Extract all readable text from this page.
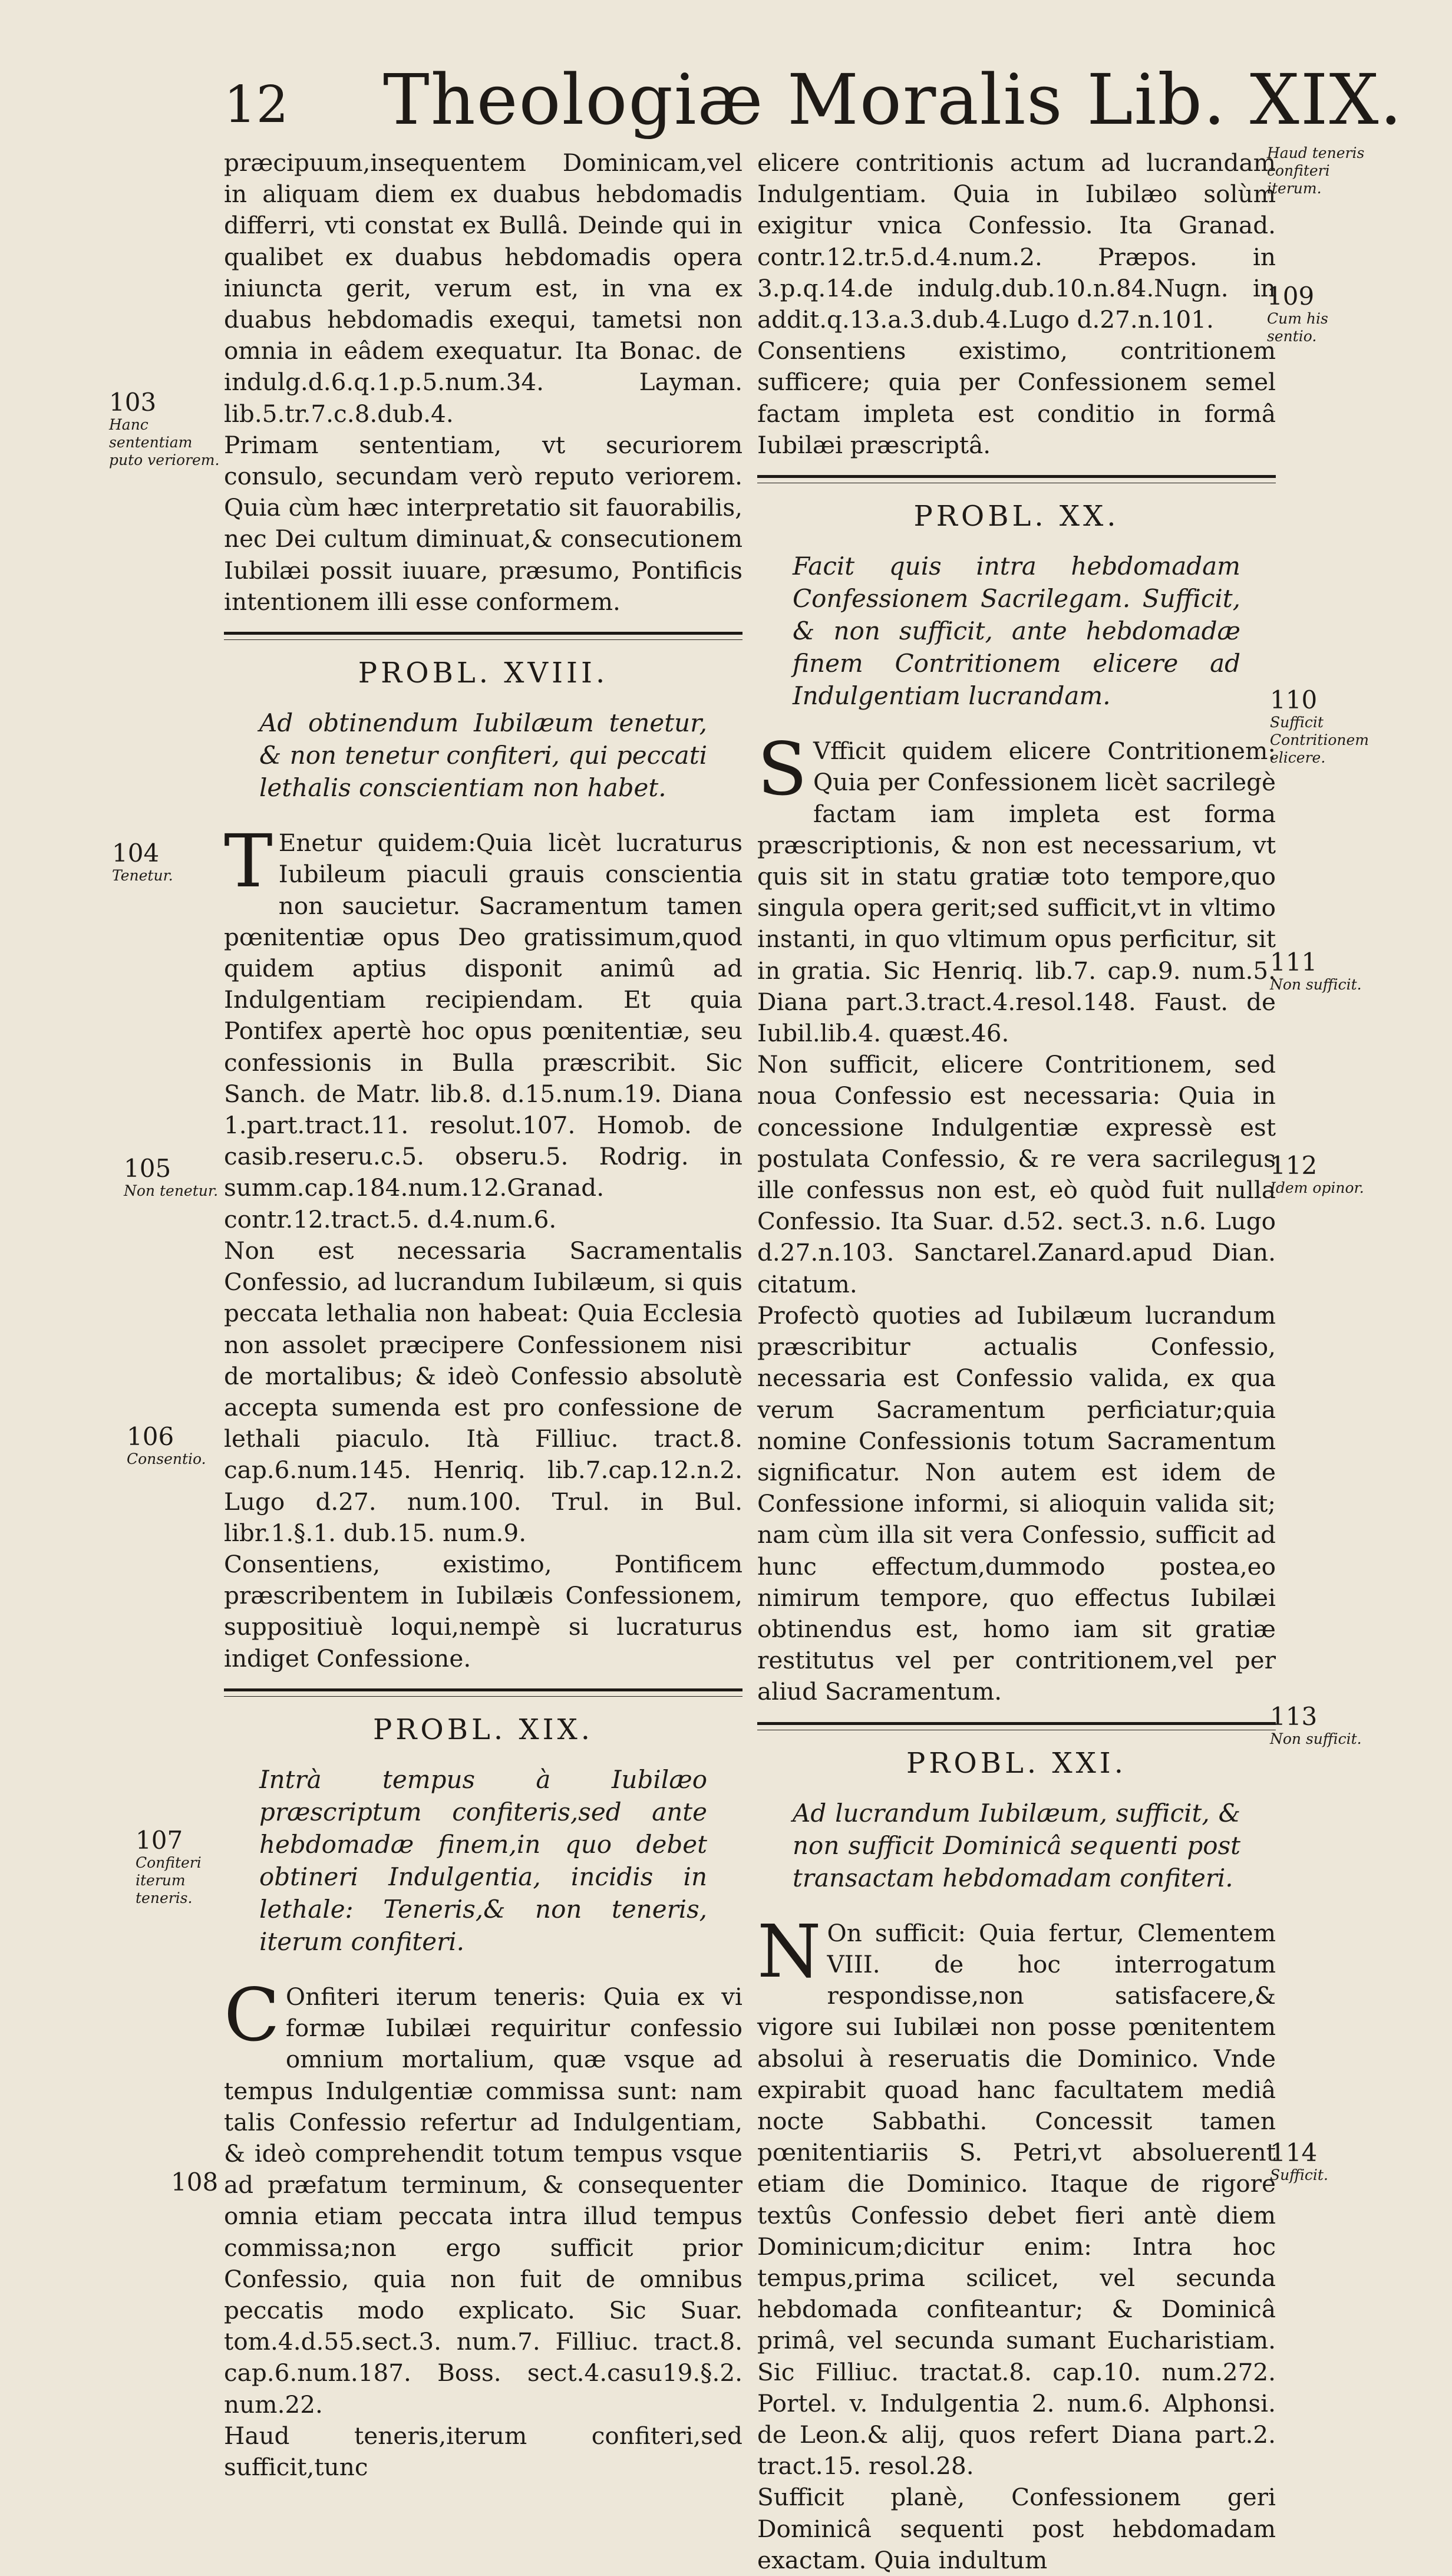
12 Theologiæ Moralis Lib. XIX.

præcipuum,insequentem Dominicam,vel in aliquam diem ex duabus hebdomadis differri, vti constat ex Bullâ. Deinde qui in qualibet ex duabus hebdomadis opera iniuncta gerit, verum est, in vna ex duabus hebdomadis exequi, tametsi non omnia in eâdem exequatur. Ita Bonac. de indulg.d.6.q.1.p.5.num.34. Layman. lib.5.tr.7.c.8.dub.4.

Primam sententiam, vt securiorem consulo, secundam verò reputo veriorem. Quia cùm hæc interpretatio sit fauorabilis, nec Dei cultum diminuat,& consecutionem Iubilæi possit iuuare, præsumo, Pontificis intentionem illi esse conformem.

PROBL. XVIII.
Ad obtinendum Iubilæum tenetur, & non tenetur confiteri, qui peccati lethalis conscientiam non habet.

T Enetur quidem:Quia licèt lucraturus Iubileum piaculi grauis conscientia non saucietur. Sacramentum tamen pœnitentiæ opus Deo gratissimum,quod quidem aptius disponit animû ad Indulgentiam recipiendam. Et quia Pontifex apertè hoc opus pœnitentiæ, seu confessionis in Bulla præscribit. Sic Sanch. de Matr. lib.8. d.15.num.19. Diana 1.part.tract.11. resolut.107. Homob. de casib.reseru.c.5. obseru.5. Rodrig. in summ.cap.184.num.12.Granad. contr.12.tract.5. d.4.num.6.

Non est necessaria Sacramentalis Confessio, ad lucrandum Iubilæum, si quis peccata lethalia non habeat: Quia Ecclesia non assolet præcipere Confessionem nisi de mortalibus; & ideò Confessio absolutè accepta sumenda est pro confessione de lethali piaculo. Ità Filliuc. tract.8. cap.6.num.145. Henriq. lib.7.cap.12.n.2. Lugo d.27. num.100. Trul. in Bul. libr.1.§.1. dub.15. num.9.

Consentiens, existimo, Pontificem præscribentem in Iubilæis Confessionem, suppositiuè loqui,nempè si lucraturus indiget Confessione.

PROBL. XIX.
Intrà tempus à Iubilæo præscriptum confiteris,sed ante hebdomadæ finem,in quo debet obtineri Indulgentia, incidis in lethale: Teneris,& non teneris, iterum confiteri.

C Onfiteri iterum teneris: Quia ex vi formæ Iubilæi requiritur confessio omnium mortalium, quæ vsque ad tempus Indulgentiæ commissa sunt: nam talis Confessio refertur ad Indulgentiam, & ideò comprehendit totum tempus vsque ad præfatum terminum, & consequenter omnia etiam peccata intra illud tempus commissa;non ergo sufficit prior Confessio, quia non fuit de omnibus peccatis modo explicato. Sic Suar. tom.4.d.55.sect.3. num.7. Filliuc. tract.8. cap.6.num.187. Boss. sect.4.casu19.§.2. num.22.

Haud teneris,iterum confiteri,sed sufficit,tunc

elicere contritionis actum ad lucrandam Indulgentiam. Quia in Iubilæo solùm exigitur vnica Confessio. Ita Granad. contr.12.tr.5.d.4.num.2. Præpos. in 3.p.q.14.de indulg.dub.10.n.84.Nugn. in addit.q.13.a.3.dub.4.Lugo d.27.n.101.

Consentiens existimo, contritionem sufficere; quia per Confessionem semel factam impleta est conditio in formâ Iubilæi præscriptâ.

PROBL. XX.
Facit quis intra hebdomadam Confessionem Sacrilegam. Sufficit, & non sufficit, ante hebdomadæ finem Contritionem elicere ad Indulgentiam lucrandam.

S Vfficit quidem elicere Contritionem: Quia per Confessionem licèt sacrilegè factam iam impleta est forma præscriptionis, & non est necessarium, vt quis sit in statu gratiæ toto tempore,quo singula opera gerit;sed sufficit,vt in vltimo instanti, in quo vltimum opus perficitur, sit in gratia. Sic Henriq. lib.7. cap.9. num.5. Diana part.3.tract.4.resol.148. Faust. de Iubil.lib.4. quæst.46.

Non sufficit, elicere Contritionem, sed noua Confessio est necessaria: Quia in concessione Indulgentiæ expressè est postulata Confessio, & re vera sacrilegus ille confessus non est, eò quòd fuit nulla Confessio. Ita Suar. d.52. sect.3. n.6. Lugo d.27.n.103. Sanctarel.Zanard.apud Dian. citatum.

Profectò quoties ad Iubilæum lucrandum præscribitur actualis Confessio, necessaria est Confessio valida, ex qua verum Sacramentum perficiatur;quia nomine Confessionis totum Sacramentum significatur. Non autem est idem de Confessione informi, si alioquin valida sit; nam cùm illa sit vera Confessio, sufficit ad hunc effectum,dummodo postea,eo nimirum tempore, quo effectus Iubilæi obtinendus est, homo iam sit gratiæ restitutus vel per contritionem,vel per aliud Sacramentum.

PROBL. XXI.
Ad lucrandum Iubilæum, sufficit, & non sufficit Dominicâ sequenti post transactam hebdomadam confiteri.

N On sufficit: Quia fertur, Clementem VIII. de hoc interrogatum respondisse,non satisfacere,& vigore sui Iubilæi non posse pœnitentem absolui à reseruatis die Dominico. Vnde expirabit quoad hanc facultatem mediâ nocte Sabbathi. Concessit tamen pœnitentiariis S. Petri,vt absoluerent etiam die Dominico. Itaque de rigore textûs Confessio debet fieri antè diem Dominicum;dicitur enim: Intra hoc tempus,prima scilicet, vel secunda hebdomada confiteantur; & Dominicâ primâ, vel secunda sumant Eucharistiam. Sic Filliuc. tractat.8. cap.10. num.272. Portel. v. Indulgentia 2. num.6. Alphonsi. de Leon.& alij, quos refert Diana part.2. tract.15. resol.28.

Sufficit planè, Confessionem geri Dominicâ sequenti post hebdomadam exactam. Quia indultum

103
Hanc sententiam puto veriorem.
104
Tenetur.
105
Non tenetur.
106
Consentio.
107
Confiteri iterum teneris.
108
Haud teneris confiteri iterum.
109
Cum his sentio.
110
Sufficit Contritionem elicere.
111
Non sufficit.
112
Idem opinor.
113
Non sufficit.
114
Sufficit.
